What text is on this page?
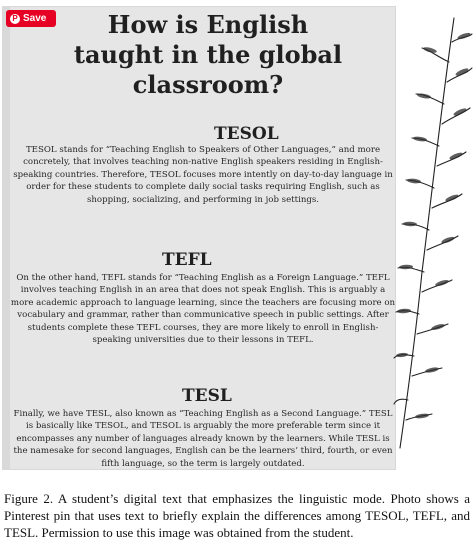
P Save	How is English
taught in the global
classroom?
TESOL

TESOL stands for “Teaching English to Speakers of Other Languages,” and more concretely, that involves teaching non-native English speakers residing in English-speaking countries. Therefore, TESOL focuses more intently on day-to-day language in order for these students to complete daily social tasks requiring English, such as shopping, socializing, and performing in job settings.

TEFL

On the other hand, TEFL stands for “Teaching English as a Foreign Language.” TEFL involves teaching English in an area that does not speak English. This is arguably a more academic approach to language learning, since the teachers are focusing more on vocabulary and grammar, rather than communicative speech in public settings. After students complete these TEFL courses, they are more likely to enroll in English-speaking universities due to their lessons in TEFL.

TESL

Finally, we have TESL, also known as “Teaching English as a Second Language.” TESL is basically like TESOL, and TESOL is arguably the more preferable term since it encompasses any number of languages already known by the learners. While TESL is the namesake for second languages, English can be the learners’ third, fourth, or even fifth language, so the term is largely outdated.

Figure 2. A student’s digital text that emphasizes the linguistic mode. Photo shows a Pinterest pin that uses text to briefly explain the differences among TESOL, TEFL, and TESL. Permission to use this image was obtained from the student.
